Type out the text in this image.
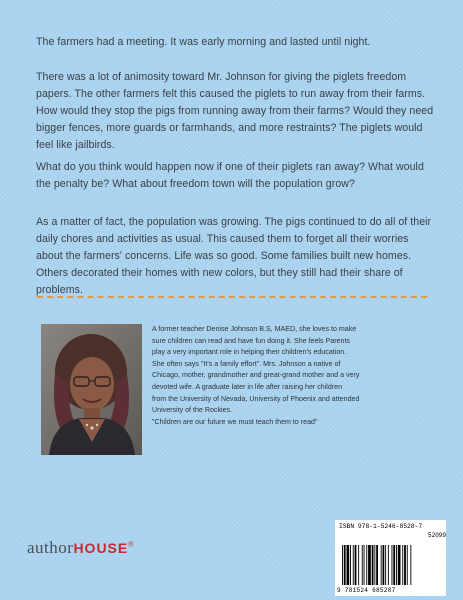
The farmers had a meeting. It was early morning and lasted until night.

There was a lot of animosity toward Mr. Johnson for giving the piglets freedom papers. The other farmers felt this caused the piglets to run away from their farms. How would they stop the pigs from running away from their farms? Would they need bigger fences, more guards or farmhands, and more restraints? The piglets would feel like jailbirds.

What do you think would happen now if one of their piglets ran away? What would the penalty be? What about freedom town will the population grow?

As a matter of fact, the population was growing. The pigs continued to do all of their daily chores and activities as usual. This caused them to forget all their worries about the farmers' concerns. Life was so good. Some families built new homes. Others decorated their homes with new colors, but they still had their share of problems.

A former teacher Denise Johnson B.S, MAED, she loves to make
sure children can read and have fun doing it. She feels Parents
play a very important role in helping their children's education.
She often says "It's a family effort". Mrs. Johnson a native of
Chicago, mother, grandmother and great-grand mother and a very
devoted wife. A graduate later in life after raising her children
from the University of Nevada, University of Phoenix and attended
University of the Rockies.
"Children are our future we must teach them to read"
authorHOUSE®
ISBN 978-1-5246-8528-7
52099
9 781524 685287
